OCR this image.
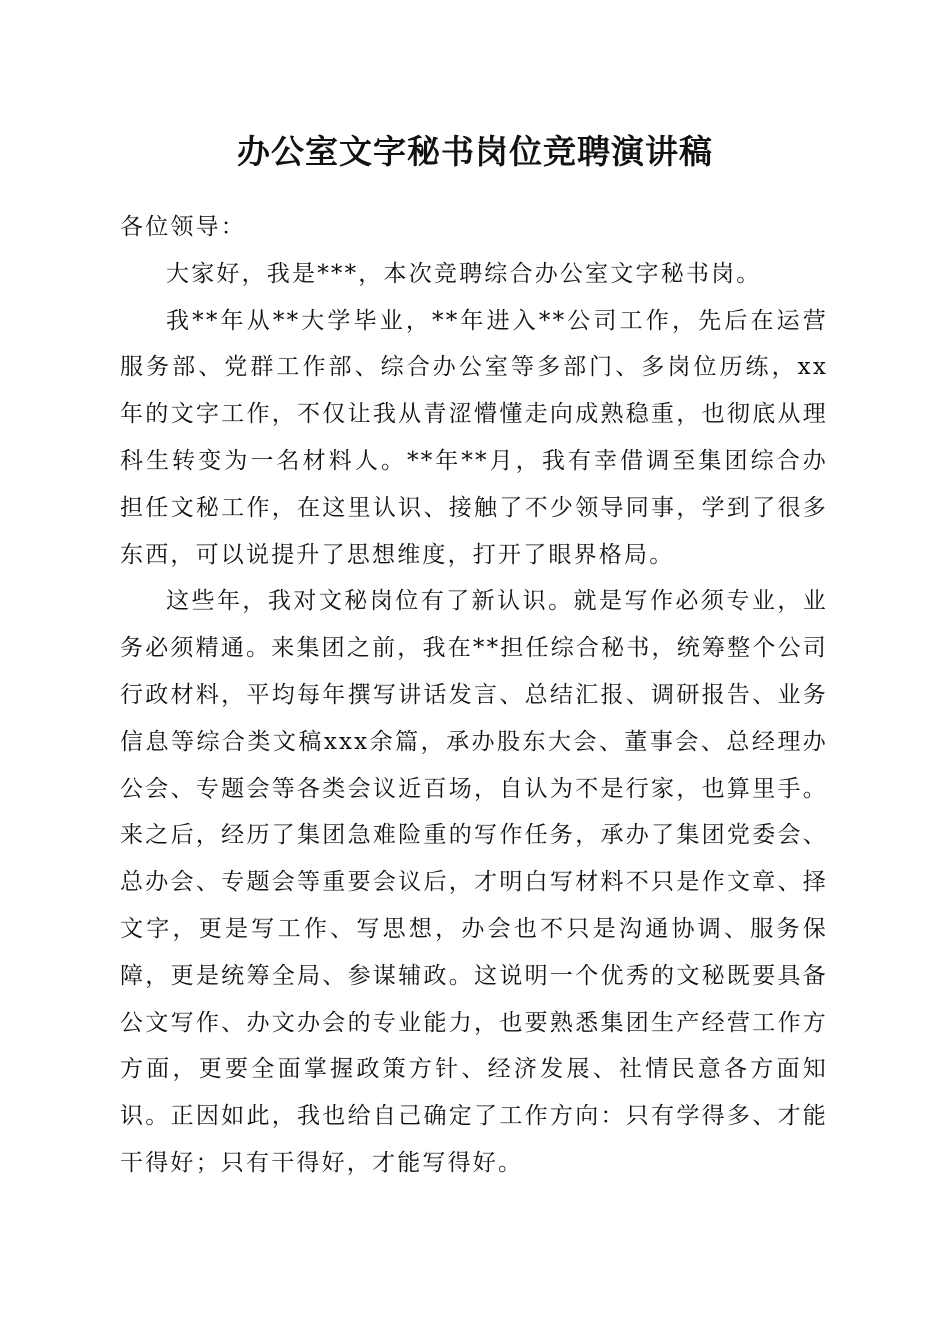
办公室文字秘书岗位竞聘演讲稿

各位领导：

大家好，我是***，本次竞聘综合办公室文字秘书岗。

我**年从**大学毕业，**年进入**公司工作，先后在运营服务部、党群工作部、综合办公室等多部门、多岗位历练，xx年的文字工作，不仅让我从青涩懵懂走向成熟稳重，也彻底从理科生转变为一名材料人。**年**月，我有幸借调至集团综合办担任文秘工作，在这里认识、接触了不少领导同事，学到了很多东西，可以说提升了思想维度，打开了眼界格局。

这些年，我对文秘岗位有了新认识。就是写作必须专业，业务必须精通。来集团之前，我在**担任综合秘书，统筹整个公司行政材料，平均每年撰写讲话发言、总结汇报、调研报告、业务信息等综合类文稿xxx余篇，承办股东大会、董事会、总经理办公会、专题会等各类会议近百场，自认为不是行家，也算里手。来之后，经历了集团急难险重的写作任务，承办了集团党委会、总办会、专题会等重要会议后，才明白写材料不只是作文章、择文字，更是写工作、写思想，办会也不只是沟通协调、服务保障，更是统筹全局、参谋辅政。这说明一个优秀的文秘既要具备公文写作、办文办会的专业能力，也要熟悉集团生产经营工作方方面，更要全面掌握政策方针、经济发展、社情民意各方面知识。正因如此，我也给自己确定了工作方向：只有学得多、才能干得好；只有干得好，才能写得好。
